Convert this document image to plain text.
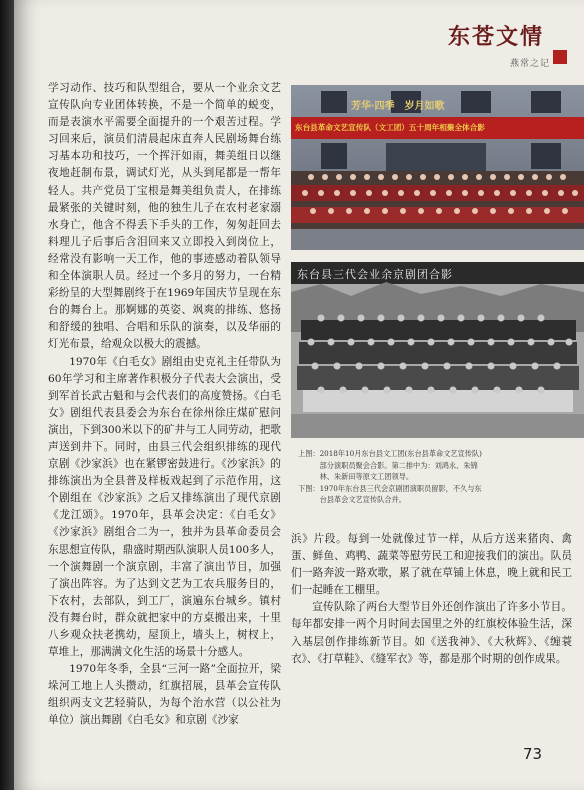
东苍文情
燕常之记

学习动作、技巧和队型组合，要从一个业余文艺宣传队向专业团体转换，不是一个简单的蜕变，而是表演水平需要全面提升的一个艰苦过程。学习回来后，演员们清晨起床直奔人民剧场舞台练习基本功和技巧，一个挥汗如雨，舞美组日以继夜地赶制布景，调试灯光，从头到尾都是一帮年轻人。共产党员丁宝根是舞美组负责人，在排练最紧张的关键时刻，他的独生儿子在农村老家溺水身亡，他含不得丢下手头的工作，匆匆赶回去料理儿子后事后含泪回来又立即投入到岗位上，经常没有影响一天工作，他的事迹感动着队领导和全体演职人员。经过一个多月的努力，一台精彩纷呈的大型舞剧终于在1969年国庆节呈现在东台的舞台上。那婀娜的英姿、飒爽的排练、悠扬和舒缓的独唱、合唱和乐队的演奏，以及华丽的灯光布景，给观众以极大的震撼。

1970年《白毛女》剧组由史克礼主任带队为60年学习和主席著作积极分子代表大会演出，受到军首长武古魁和与会代表们的高度赞扬。《白毛女》剧组代表县委会为东台在徐州徐庄煤矿慰问演出，下到300米以下的矿井与工人同劳动，把歌声送到井下。同时，由县三代会组织排练的现代京剧《沙家浜》也在紧锣密鼓进行。《沙家浜》的排练演出为全县普及样板戏起到了示范作用，这个剧组在《沙家浜》之后又排练演出了现代京剧《龙江颂》。1970年，县革会决定：《白毛女》《沙家浜》剧组合二为一，独并为县革命委员会东思想宣传队，鼎盛时期西队演职人员100多人，一个演舞剧一个演京剧，丰富了演出节目，加强了演出阵容。为了达到文艺为工农兵服务目的，下农村，去部队，到工厂，演遍东台城乡。镇村没有舞台时，群众就把家中的方桌搬出来，十里八乡观众扶老携幼，屋顶上，墙头上，树杈上，草堆上，那满满文化生活的场景十分感人。

1970年冬季，全县“三河一路”全面拉开，梁垛河工地上人头攒动，红旗招展，县革会宣传队组织两支文艺轻骑队，为每个治水营（以公社为单位）演出舞剧《白毛女》和京剧《沙家

芳华·四季　岁月如歌
东台县革命文艺宣传队（文工团）五十周年相聚全体合影
东台县三代会业余京剧团合影
上图：2018年10月东台县文工团(东台县革命文艺宣传队)
　　　部分演职员聚会合影。第二排中为：刘鸿永、朱锦
　　　林、朱新田等原文工团领导。
下图：1970年东台县三代会京剧团演职员留影，不久与东
　　　台县革会文艺宣传队合并。

浜》片段。每到一处就像过节一样，从后方送来猪肉、禽蛋、鲜鱼、鸡鸭、蔬菜等慰劳民工和迎接我们的演出。队员们一路奔波一路欢歌，累了就在草铺上休息，晚上就和民工们一起睡在工棚里。

宣传队除了两台大型节目外还创作演出了许多小节目。每年都安排一两个月时间去国里之外的红旗校体验生活，深入基层创作排练新节目。如《送我神》、《大秋辉》、《缠蓑衣》、《打草鞋》、《缝军衣》等，都是那个时期的创作成果。

73
